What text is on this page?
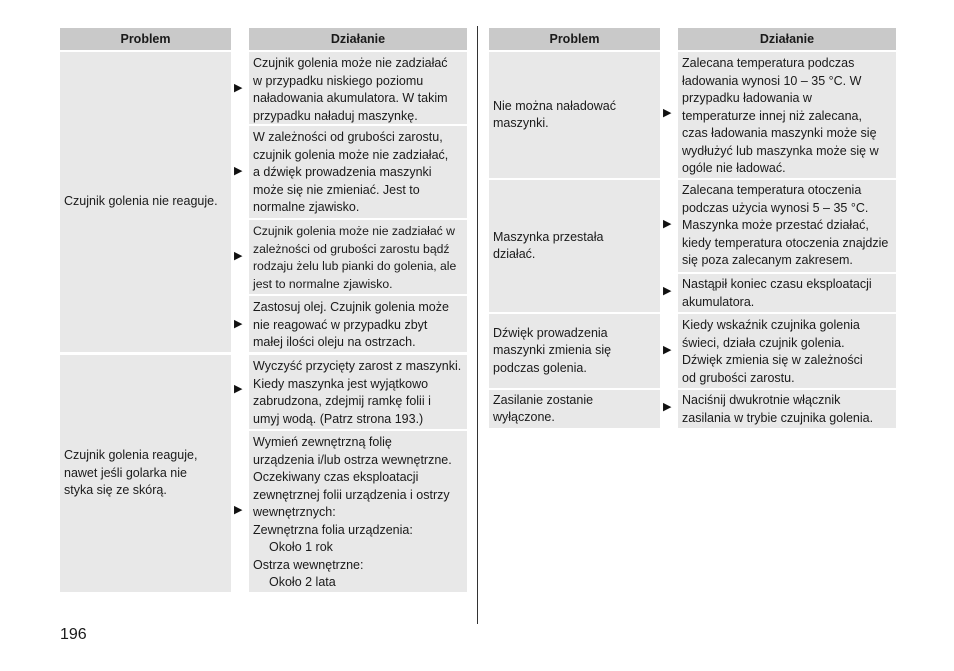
Problem	Działanie
Czujnik golenia nie reaguje.
Czujnik golenia może nie zadziałać
w przypadku niskiego poziomu
naładowania akumulatora. W takim
przypadku naładuj maszynkę.
▶
W zależności od grubości zarostu,
czujnik golenia może nie zadziałać,
a dźwięk prowadzenia maszynki
może się nie zmieniać. Jest to
normalne zjawisko.
▶
Czujnik golenia może nie zadziałać w
zależności od grubości zarostu bądź
rodzaju żelu lub pianki do golenia, ale
jest to normalne zjawisko.
▶
Zastosuj olej. Czujnik golenia może
nie reagować w przypadku zbyt
małej ilości oleju na ostrzach.
▶
Czujnik golenia reaguje,
nawet jeśli golarka nie
styka się ze skórą.
Wyczyść przycięty zarost z maszynki.
Kiedy maszynka jest wyjątkowo
zabrudzona, zdejmij ramkę folii i
umyj wodą. (Patrz strona 193.)
▶
Wymień zewnętrzną folię
urządzenia i/lub ostrza wewnętrzne.
Oczekiwany czas eksploatacji
zewnętrznej folii urządzenia i ostrzy
wewnętrznych:
Zewnętrzna folia urządzenia:
Około 1 rok
Ostrza wewnętrzne:
Około 2 lata
▶
Problem	Działanie
Nie można naładować
maszynki.
Zalecana temperatura podczas
ładowania wynosi 10 – 35 °C. W
przypadku ładowania w
temperaturze innej niż zalecana,
czas ładowania maszynki może się
wydłużyć lub maszynka może się w
ogóle nie ładować.
▶
Maszynka przestała
działać.
Zalecana temperatura otoczenia
podczas użycia wynosi 5 – 35 °C.
Maszynka może przestać działać,
kiedy temperatura otoczenia znajdzie
się poza zalecanym zakresem.
▶
Nastąpił koniec czasu eksploatacji
akumulatora.
▶
Dźwięk prowadzenia
maszynki zmienia się
podczas golenia.
Kiedy wskaźnik czujnika golenia
świeci, działa czujnik golenia.
Dźwięk zmienia się w zależności
od grubości zarostu.
▶
Zasilanie zostanie
wyłączone.
Naciśnij dwukrotnie włącznik
zasilania w trybie czujnika golenia.
▶
196
